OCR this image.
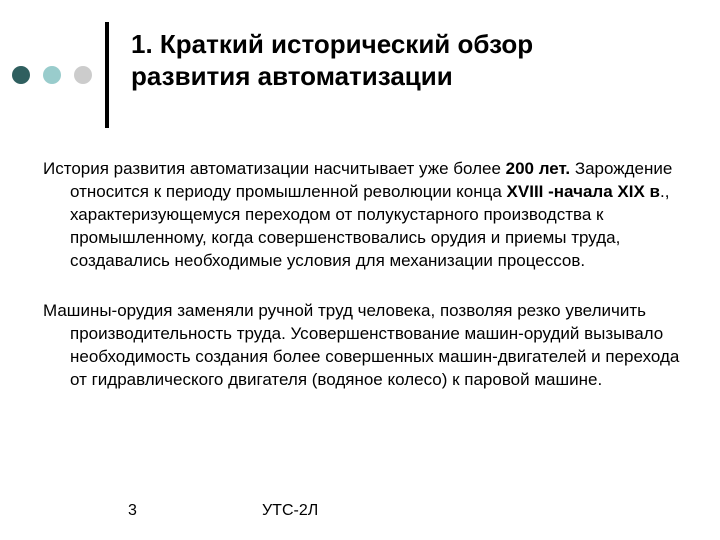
1. Краткий исторический обзор
развития автоматизации

История развития автоматизации насчитывает уже более 200 лет. Зарождение относится к периоду промышленной революции конца XVIII -начала XIX в., характеризующемуся переходом от полукустарного производства к промышленному, когда совершенствовались орудия и приемы труда, создавались необходимые условия для механизации процессов.

Машины-орудия заменяли ручной труд человека, позволяя резко увеличить производительность труда. Усовершенствование машин-орудий вызывало необходимость создания более совершенных машин-двигателей и перехода от гидравлического двигателя (водяное колесо) к паровой машине.

3	УТС-2Л
